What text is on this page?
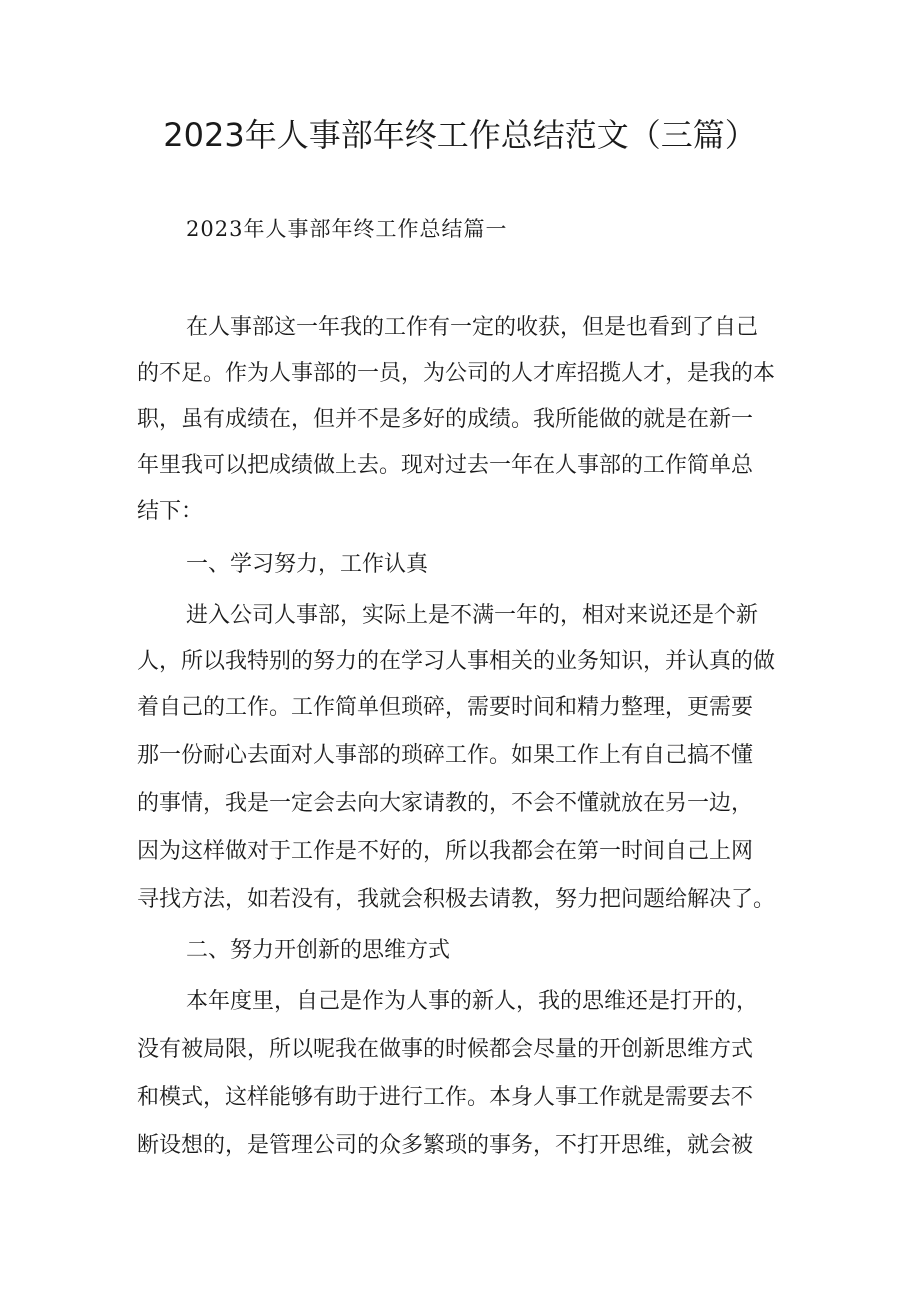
2023年人事部年终工作总结范文（三篇）
2023年人事部年终工作总结篇一
在人事部这一年我的工作有一定的收获，但是也看到了自己
的不足。作为人事部的一员，为公司的人才库招揽人才，是我的本
职，虽有成绩在，但并不是多好的成绩。我所能做的就是在新一
年里我可以把成绩做上去。现对过去一年在人事部的工作简单总
结下：
一、学习努力，工作认真
进入公司人事部，实际上是不满一年的，相对来说还是个新
人，所以我特别的努力的在学习人事相关的业务知识，并认真的做
着自己的工作。工作简单但琐碎，需要时间和精力整理，更需要
那一份耐心去面对人事部的琐碎工作。如果工作上有自己搞不懂
的事情，我是一定会去向大家请教的，不会不懂就放在另一边，
因为这样做对于工作是不好的，所以我都会在第一时间自己上网
寻找方法，如若没有，我就会积极去请教，努力把问题给解决了。
二、努力开创新的思维方式
本年度里，自己是作为人事的新人，我的思维还是打开的，
没有被局限，所以呢我在做事的时候都会尽量的开创新思维方式
和模式，这样能够有助于进行工作。本身人事工作就是需要去不
断设想的，是管理公司的众多繁琐的事务，不打开思维，就会被
